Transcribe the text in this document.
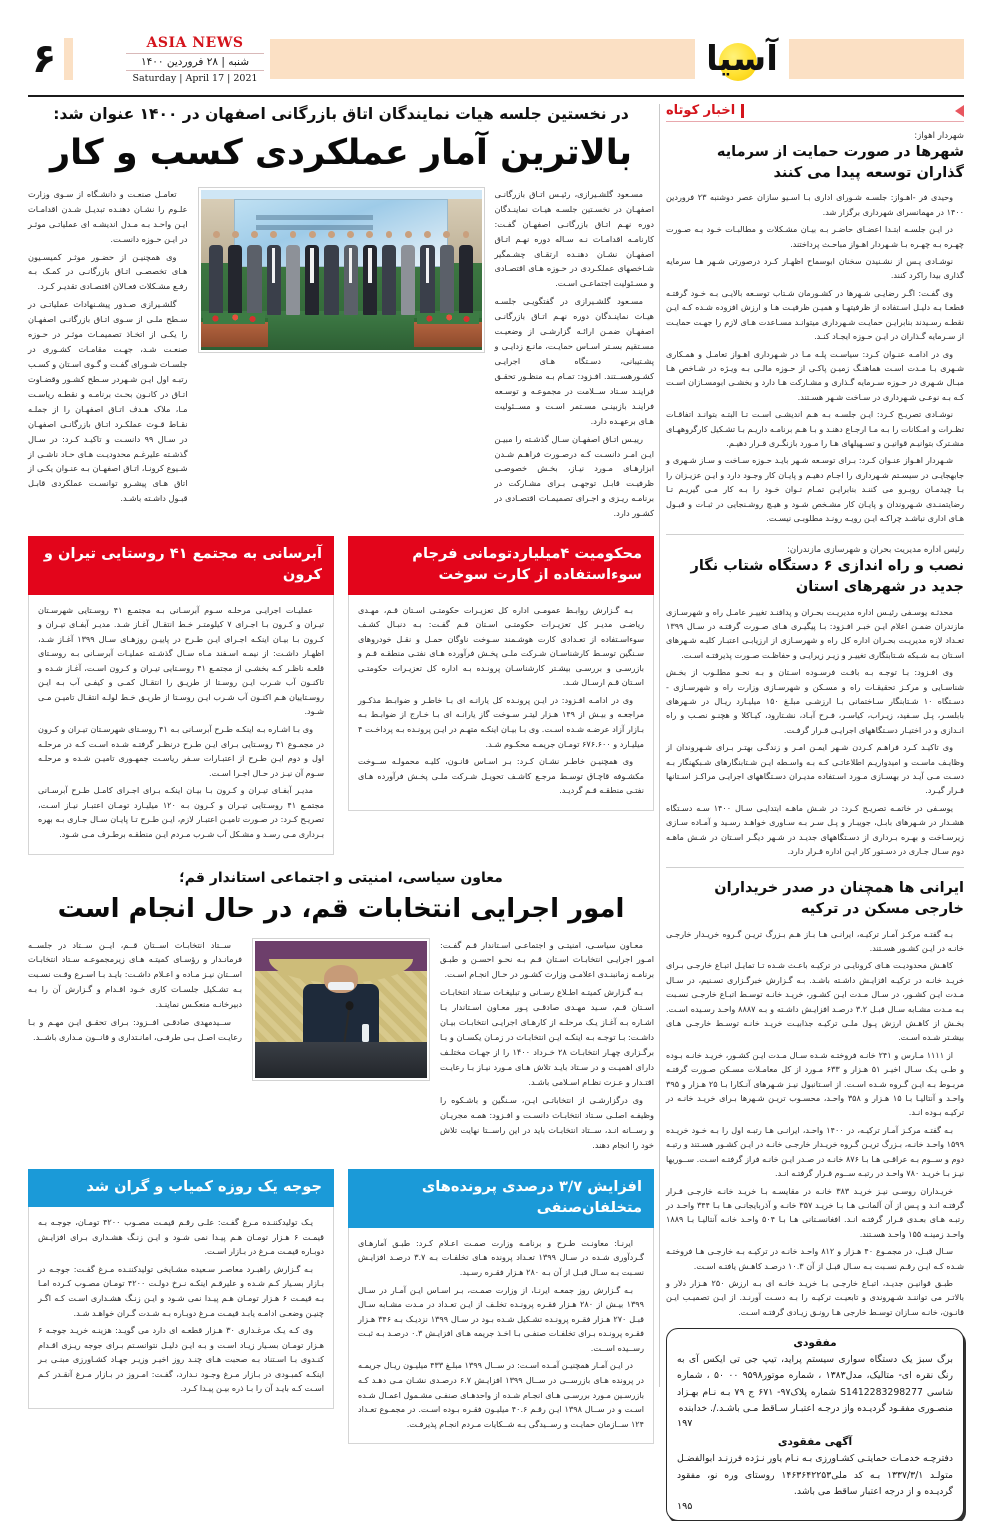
۶	ASIA NEWS
شنبه | ۲۸ فروردین ۱۴۰۰
Saturday | April 17 | 2021	آسیا
اخبار کوتاه
شهردار اهواز:
شهرها در صورت حمایت از سرمایه گذاران توسعه پیدا می کنند

وحیدی فر -اهـواز: جلسـه شـورای اداری بـا اسـیو سازان عصر دوشنبه ۲۳ فروردین ۱۴۰۰ در مهمانسرای شهرداری برگزار شد.

در ایـن جلسـه ابتـدا اعضـای حاضـر بـه بیـان مشـکلات و مطالبـات خـود بـه صـورت چهـره بـه چهـره بـا شـهردار اهـواز مباحـث پرداختند.

نوشـادی پـس از نشـنیدن سخنان ابوسماح اظهـار کـرد درصورتی شـهر هـا سرمایه گذاری بیدا راکرد کنند.

وی گفـت: اگـر رضایـی شـهرها در کشـورمان شـتاب توسـعه بالایـی بـه خـود گرفتـه قطعـا بـه دلیـل اسـتفاده از ظرفیتهـا و همیـن ظرفیـت هـا و ارزش افزوده شـده کـه ایـن نقطـه رسـیدند بنابرایـن حمایـت شـهرداری میتوانـد مسـاعدت هـای لازم را جهـت حمایـت از سـرمایه گـذاران در ایـن حـوزه ایجـاد کنـد.

وی در ادامـه عنـوان کـرد: سیاسـت پلـه مـا در شـهرداری اهـواز تعامـل و همـکاری شـهری بـا مـدت اسـت هماهنـگ زمیـن پاکـی از حـوزه مالـی بـه ویـژه در شـاخص هـا مبـال شـهری در حـوزه سـرمایه گـذاری و مشـارکت هـا دارد و بخشـی ابومسـازان اسـت کـه بـه نوعـی شـهرداری در سـاخت شـهر هسـتند.

نوشـادی تصریـح کـرد: ایـن جلسـه بـه هـم اندیشـی اسـت تـا البتـه بتوانـد اتفاقـات تظـرات و امـکانات را بـه مـا ارجـاع دهنـد و بـا هـم برنامـه داریـم بـا تشـکیل کارگروههـای مشـترک بتوانیـم قوانیـن و تسـهیلهای هـا را مـورد بازنگـری قـرار دهیـم.

شـهردار اهـواز عنـوان کـرد: بـرای توسـعه شـهر بایـد حـوزه سـاخت و سـاز شـهری و جابهجایـی در سیسـتم شـهرداری را اجـام دهیـم و پایـان کار وجـود دارد و ایـن عزیـزان را بـا چیدمـان روبـرو می کننـد بنابرایـن تمـام تـوان خـود را بـه کار مـی گیریـم تـا رضایتمنـدی شـهروندان و پایـان کار مشـخص شـود و هیـچ روشـنجایی در ثبـات و قبـول هـای اداری نباشـد چراکـه ایـن رویـه رونـد مطلوبـی نیسـت.

رئیس اداره مدیریت بحران و شهرسازی مازندران:
نصب و راه اندازی ۶ دستگاه شتاب نگار جدید در شهرهای استان

محدثـه یوسـفی رئیـس اداره مدیریـت بحـران و پدافنـد تغییـر عامـل راه و شهرسـازی مازندران ضمـن اعلام ایـن خبـر افـزود: بـا پیگیـری هـای صـورت گرفتـه در سـال ۱۳۹۹ تعـداد لازه مدیریـت بحـران اداره کل راه و شهرسـازی از ارزیابـی اعتبـار کلیـه شـهرهای اسـتان بـه شـبکه شـتابنگاری تغییـر و زیـر زیرایـی و حفاظـت صـورت پذیرفتـه اسـت.

وی افـزود: بـا توجـه بـه بافـت فرسـوده اسـتان و بـه نحـو مطلـوب از بخـش شناسـایی و مرکـز تحقیقـات راه و مسـکن و شهرسـازی وزارت راه و شهرسـازی - دسـتگاه ۱۰ شـتابنگار سـاختمانی بـا ارزشـی مبلـغ ۱۵۰ میلیـارد ریـال در شـهرهای بابلسـر، پـل سـفید، زیـراب، کیاسـر، فـرح آبـاد، نشـتارود، کیـاکلا و هچنـو نصـب و راه انـدازی و در اختیـار دسـتگاههای اجرایـی قـرار گرفـت.

وی تاکیـد کـرد فراهـم کـردن شـهر ایمـن امـر و زندگـی بهتـر بـرای شـهروندان از وظایـف ماسـت و امیدواریـم اطلاعاتـی کـه بـه واسـطه ایـن شـتابنگارهای شـبکهنگار بـه دسـت مـی آیـد در بهسـازی مـورد اسـتفاده مدیـران دسـتگاههای اجرایـی مراکـز اسـتانها قـرار گیـرد.

یوسـفی در خاتمـه تصریـح کـرد: در شـش ماهـه ابتدایـی سـال ۱۴۰۰ سـه دسـتگاه هشـدار در شـهرهای بابـل، جویبـار و پـل سـر بـه سـاوری خواهـد رسـید و آمـاده سـازی زیرسـاخت و بهـره بـرداری از دسـتگاههای جدیـد در شـهر دیگـر اسـتان در شـش ماهـه دوم سـال جـاری در دسـتور کار ایـن اداره قـرار دارد.

ایرانی ها همچنان در صدر خریداران خارجی مسکن در ترکیه

بـه گفتـه مرکـز آمـار ترکیـه، ایرانـی هـا بـاز هـم بـزرگ تریـن گـروه خریـدار خارجـی خانـه در ایـن کشـور هسـتند.

کاهـش محدودیـت هـای کرونایـی در ترکیـه باعـث شـده تـا تمایـل اتبـاع خارجـی بـرای خریـد خانـه در ترکیـه افزایـش داشـته باشـد. بـه گـزارش خبرگـزاری تسـنیم، در سـال مـدت ایـن کشـور، در سـال مـدت ایـن کشـور، خریـد خانـه توسـط اتبـاع خارجـی نسـبت بـه مـدت مشـابه سـال قبـل ۳.۲ درصـد افزایـش داشـته و بـه ۸۸۸۷ واحـد رسـیده اسـت. بخـش از کاهـش ارزش پـول ملـی ترکیـه جذابیـت خریـد خانـه توسـط خارجـی هـای بیشـتر شـده اسـت.

از ۱۱۱۱ مـارس و ۲۴۱ خانـه فروختـه شـده سـال مـدت ایـن کشـور، خریـد خانـه بـوده و طـی یـک سـال اخیـر ۵۱ هـزار و ۶۳۳ مـورد از کل معامـلات مسـکن صـورت گرفتـه مربـوط بـه ایـن گـروه شـده اسـت. از اسـتانبول نیـز شـهرهای آنـکارا بـا ۲۵ هـزار و ۳۹۵ واحـد و آنتالیـا بـا ۱۵ هـزار و ۳۵۸ واحـد، محسـوب تریـن شـهرها بـرای خریـد خانـه در ترکیـه بـوده انـد.

بـه گفتـه مرکـز آمـار ترکیـه، در ۱۴۰۰ واحـد، ایرانـی هـا رتبـه اول را بـه خـود خریـده ۱۵۹۹ واحـد خانـه، بـزرگ تریـن گـروه خریـدار خارجـی خانـه در ایـن کشـور هسـتند و رتبـه دوم و ســوم بـه عراقـی هـا بـا ۸۷۶ خانـه در صـدر ایـن خانـه فراز گرفتـه اسـت. ســوریها نیـز بـا خریـد ۷۸۰ واحـد در رتبـه ســوم قـرار گرفتـه انـد.

خریـداران روسـی نیـز خریـد ۳۸۳ خانـه در مقایسـه بـا خریـد خانـه خارجـی قـرار گرفتـه انـد و پـس از آن آلمانـی هـا بـا خریـد ۳۵۷ خانـه و آذربایجانـی هـا بـا ۳۴۴ واحـد در رتبـه هـای بعـدی قـرار گرفتـه انـد. افغانسـتانی هـا بـا ۵۰۴ واحـد خانـه آنتالیـا بـا ۱۸۸۹ واحـد زمینـه ۱۵۵ واحـد هسـتند.

سـال قبـل، در مجمـوع ۴۰ هـزار و ۸۱۲ واحـد خانـه در ترکیـه بـه خارجـی هـا فروختـه شـده کـه ایـن رقـم نسـبت بـه سـال قبـل از آن ۱۰.۳ درصـد کاهـش یافتـه اسـت.

طبـق قوانیـن جدیـد، اتبـاع خارجـی بـا خریـد خانـه ای بـه ارزش ۲۵۰ هـزار دلار و بالاتـر می تواننـد شـهروندی و تابعیـت ترکیـه را بـه دسـت آورنـد. از ایـن تصمیـب ایـن قانـون، خانـه سـازان توسـط خارجی هـا رونـق زیـادی گرفتـه اسـت.

مفقودی
برگ سبز یک دستگاه سواری سیستم پراید، تیپ جی تی ایکس آی به رنگ نقره ای- متالیک، مدل۱۳۸۳ ، شماره موتور۹۵۹۸ ۰۰ ۵۰ ، شماره شاسی S1412283298277 شماره پلاک۹۷- ۶۷۱ ج ۷۹ بـه نـام بهـزاد منصـوری مفقـود گردیـده واز درجـه اعتبـار سـاقط مـی باشـد./. خدابنده
۱۹۷
آگهی مفقودی
دفترچـه خدمـات حمایتـی کشـاورزی بـه نـام یاور نـژده فرزنـد ابوالفضـل متولـد ۱۳۳۷/۳/۱ بـه کد ملی۱۴۶۳۶۴۲۲۵۳ روستای وره نو، مفقود گردیـده و از درجه اعتبار ساقط می باشد.
۱۹۵
در نخستین جلسه هیات نمایندگان اتاق بازرگانی اصفهان در ۱۴۰۰ عنوان شد:
بالاترین آمار عملکردی کسب و کار

تعامـل صنعـت و دانشـگاه از سـوی وزارت علـوم را نشـان دهنـده تبدیـل شـدن اقدامـات ایـن واحـد بـه مـدل اندیشـه ای عملیاتـی موثـر در ایـن حـوزه دانسـت.

وی همچنیـن از حضـور موثـر کمیسـیون هـای تخصصـی اتـاق بازرگانـی در کمـک بـه رفـع مشـکلات فعـالان اقتصـادی تقدیـر کـرد.

گلشـیرازی صـدور پیشـنهادات عملیاتـی در سـطح ملـی از سـوی اتـاق بازرگانـی اصفهـان را یکـی از اتخـاذ تصمیمـات موثـر در حـوزه صنعـت شـد، جهـت مقامـات کشـوری در جلسـات شـورای گفـت و گـوی اسـتان و کسـب رتبـه اول ایـن شـهردر سـطح کشـور وقضـاوت اتـاق در کانـون بحـث برنامـه و نقطـه ریاسـت مـا، ملاک هـدف اتـاق اصفهـان را از جملـه نقـاط قـوت عملکـرد اتـاق بازرگانـی اصفهـان در سـال ۹۹ دانسـت و تاکیـد کـرد: در سـال گذشـته علیرغـم محدودیـت هـای حـاد ناشـی از شـیوع کرونـا، اتـاق اصفهـان بـه عنـوان یکـی از اتاق هـای پیشـرو توانسـت عملکردی قابـل قبـول داشـته باشـد.

مسـعود گلشـیرازی، رئیـس اتـاق بازرگانـی اصفهـان در نخسـتین جلسـه هیـات نماینـدگان دوره نهـم اتـاق بازرگانـی اصفهـان گفـت: کارنامـه اقدامـات نـه سـاله دوره نهـم اتـاق اصفهـان نشـان دهنـده ارتقـای چشـمگیر شـاخصهای عملکـردی در حـوزه هـای اقتصـادی و مسـئولیت اجتماعـی اسـت.

مسـعود گلشـیرازی در گفتگویـی جلسـه هیـات نماینـدگان دوره نهـم اتـاق بازرگانـی اصفهـان ضمـن ارائـه گزارشـی از وضعیـت مسـتقیم بسـتر اسـاس حمایـت، مانـع زدایـی و پشـتیبانی، دسـتگاه هـای اجرایـی کشـورهســتند. افـزود: تمـام بـه منظـور تحقـق فراینـد سـتاد ســلامت در مجموعـه و توسـعه فراینـد بازبینـی مسـتمر اسـت و مســئولیت هـای برعهـده دارد.

رییـس اتـاق اصفهـان سـال گذشـته را مبیـن ایـن امـر دانسـت کـه درصـورت فراهـم شـدن ابزارهـای مـورد نیـاز، بخـش خصوصـی ظرفیـت قابـل توجهـی بـرای مشـارکت در برنامـه ریـزی و اجـرای تصمیمـات اقتصـادی در کشـور دارد.

آبرسانی به مجتمع ۴۱ روستایی تیران و کرون

عملیـات اجرایـی مرحلـه سـوم آبرسـانی بـه مجتمـع ۴۱ روسـتایی شهرسـتان تیـران و کـرون بـا اجـرای ۷ کیلومتـر خـط انتقـال آغـاز شـد. مدیـر آبفـای تیـران و کـرون بـا بیـان اینکـه اجـرای ایـن طـرح در پاییـن روزهـای سـال ۱۳۹۹ آغـاز شـد، اظهـار داشـت: از نیمـه اسـفند مـاه سـال گذشـته عملیـات آبرسـانی بـه روسـتای قلعـه ناظـر کـه بخشـی از مجتمـع ۴۱ روسـتایی تیـران و کـرون اسـت، آغـاز شـده و تاکنـون آب شـرب ایـن روسـتا از طریـق را انتقـال کمـی و کیفـی آب بـه ایـن روسـتاییان هـم اکنـون آب شـرب ایـن روسـتا از طریـق خـط لولـه انتقـال تامیـن مـی شـود.

وی بـا اشـاره بـه اینکـه طـرح آبرسـانی بـه ۴۱ روسـتای شهرسـتان تیـران و کـرون در مجمـوع ۴۱ روسـتایی بـرای ایـن طـرح درنظـر گرفتـه شـده اسـت کـه در مرحلـه اول و دوم ایـن طـرح از اعتبـارات سـفر ریاسـت جمهـوری تامیـن شـده و مرحلـه سـوم آن نیـز در حـال اجـرا اسـت.

مدیـر آبفـای تیـران و کـرون بـا بیـان اینکـه بـرای اجـرای کامـل طـرح آبرسـانی مجتمـع ۴۱ روسـتایی تیـران و کـرون بـه ۱۲۰ میلیـارد تومـان اعتبـار نیـاز اسـت، تصریـح کـرد: در صـورت تامیـن اعتبـار لازم، ایـن طـرح تـا پایـان سـال جـاری بـه بهره بـرداری مـی رسـد و مشـکل آب شـرب مـردم ایـن منطقـه برطـرف مـی شـود.

محکومیت ۴میلیاردتومانی فرجام سوءاستفاده از کارت سوخت

بـه گـزارش روابـط عمومـی اداره کل تعزیـرات حکومتـی اسـتان قـم، مهـدی ریاضـی مدیـر کل تعزیـرات حکومتـی اسـتان قـم گفـت: بـه دنبـال کشـف سوءاسـتفاده از تعـدادی کارت هوشـمند سـوخت ناوگان حمـل و نقـل خودروهای سـنگین توسـط کارشناسـان شـرکت ملـی پخـش فرآورده هـای نفتـی منطقـه قـم و بازرسـی و بررسـی بیشـتر کارشناسـان پرونـده بـه اداره کل تعزیـرات حکومتـی اسـتان قـم ارسـال شـد.

وی در ادامـه افـزود: در ایـن پرونـده کل یارانـه ای بـا خاطـر و ضوابـط مذکـور مراجعـه و بیـش از ۱۴۹ هـزار لیتـر سـوخت گاز یارانـه ای بـا خـارج از ضوابـط بـه بـازار آزاد عرضـه شـده اسـت. وی بـا بیـان اینکـه متهـم در ایـن پرونـده بـه پرداخـت ۴ میلیـارد و ۶۷۶.۶۰۰ تومـان جریمـه محکـوم شـد.

وی همچنیـن خاطـر نشـان کـرد: بـر اسـاس قانـون، کلیـه محمولـه ســوخت مکشـوفه قاچـاق توسـط مرجـع کاشـف تحویـل شـرکت ملـی پخـش فرآورده هـای نفتـی منطقـه قـم گردیـد.

معاون سیاسی، امنیتی و اجتماعی استاندار قم؛
امور اجرایی انتخابات قم، در حال انجام است

ســتاد انتخابـات اســتان قــم، ایــن ســتاد در جلســه فرمانـدار و رؤسـای کمیتـه هـای زیرمجموعـه سـتاد انتخابـات اســتان نیـز مـاده و اعـلام داشـت: بایـد بـا اسـرع وقـت نسـبت بـه تشـکیل جلسـات کاری خـود اقـدام و گـزارش آن را بـه دبیرخانـه منعکـس نماینـد.

ســیدمهدی صادقـی افــزود: بـرای تحقـق ایـن مهـم و بـا رعایـت اصـل بـی طرفـی، امانـتداری و قانــون مـداری باشــد.

معـاون سیاسـی، امنیتـی و اجتماعـی اسـتاندار قـم گفـت: امـور اجرایـی انتخابـات اسـتان قـم بـه نحـو احسـن و طبـق برنامـه زمانبنـدی اعلامـی وزارت کشـور در حـال انجـام اسـت.

بـه گـزارش کمیتـه اطـلاع رسـانی و تبلیغـات سـتاد انتخابـات اسـتان قـم، سـید مهـدی صادقـی پـور معـاون اسـتاندار بـا اشـاره بـه آغـاز یـک مرحلـه از کارهـای اجرایـی انتخابـات بیـان داشـت: بـا توجـه بـه اینکـه ایـن انتخابـات در زمـان یکسـان و بـا برگـزاری چهـار انتخابـات ۲۸ خـرداد ۱۴۰۰ را از جهـات مختلـف دارای اهمیـت و در سـتاد بایـد تلاش هـای مـورد نیـاز بـا رعایـت اقتـدار و عـزت نظـام اسـلامی باشـد.

وی درگزارشـی از انتخاباتـی ایـن، سـنگین و باشـکوه را وظیفـه اصلـی سـتاد انتخابـات دانسـت و افـزود: همـه مجریـان و رســانه انـد، ســتاد انتخابـات باید در این راســتا نهایت تلاش خود را انجام دهند.

جوجه یک روزه کمیاب و گران شد

یـک تولیدکننـده مـرغ گفـت: علـی رقـم قیمـت مصـوب ۴۲۰۰ تومـان، جوجـه بـه قیمـت ۶ هـزار تومـان هـم پیـدا نمی شـود و ایـن زنـگ هشـداری بـرای افزایـش دوبـاره قیمـت مـرغ در بـازار اسـت.

بـه گـزارش راهبـرد معاصـر سـعیده مشـایخی تولیدکننـده مـرغ گفـت: جوجـه در بـازار بسـیار کـم شـده و علیرقـم اینکـه نـرخ دولـت ۴۲۰۰ تومـان مصـوب کـرده امـا بـه قیمـت ۶ هـزار تومـان هـم پیـدا نمی شـود و ایـن زنـگ هشـداری اسـت کـه اگـر چنیـن وضعـی ادامـه یابـد قیمـت مـرغ دوبـاره بـه شـدت گـران خواهـد شـد.

وی کـه یـک مرغـداری ۳۰ هـزار قطعـه ای دارد می گویـد: هزینـه خریـد جوجـه ۶ هـزار تومـان بسـیار زیـاد اسـت و بـه ایـن دلیـل نتوانسـتم بـرای جوجه ریـزی اقـدام کنـدوی بـا اسـتناد بـه صحبت هـای چنـد روز اخیـر وزیـر جهـاد کشـاورزی مبنـی بـر اینکـه کمبـودی در بـازار مـرغ وجـود نـدارد، گفـت: امـروز در بـازار مـرغ آنقـدر کـم اسـت کـه بایـد آن را بـا ذره بیـن پیـدا کـرد.

افزایش ۳/۷ درصدی پرونده‌های متخلفان‌صنفی

ایرنـا: معاونـت طـرح و برنامـه وزارت صمـت اعـلام کـرد: طبـق آمارهـای گـردآوری شـده در سـال ۱۳۹۹ تعـداد پرونده هـای تخلفـات بـه ۳.۷ درصـد افزایـش نسـبت بـه سـال قبـل از آن بـه ۲۸۰ هـزار فقـره رسـید.

بـه گـزارش روز جمعـه ایرنـا، از وزارت صمـت، بـر اسـاس ایـن آمـار در سـال ۱۳۹۹ بیـش از ۲۸۰ هـزار فقـره پرونـده تخلـف از ایـن تعـداد در مـدت مشـابه سـال قبـل ۲۷۰ هـزار فقـره پرونـده تشـکیل شـده بـود در سـال ۱۳۹۹ نزدیـک بـه ۳۴۶ هـزار فقـره پرونـده بـرای تخلفـات صنفـی بـا اخـذ جریمه هـای افزایـش ۰.۳ درصـد بـه ثبـت رســیده اســت.

در ایـن آمـار همچنیـن آمـده اسـت: در ســال ۱۳۹۹ مبلـغ ۴۳۳ میلیـون ریـال جریمـه در پرونده هـای بازرســی در ســال ۱۳۹۹ افزایـش ۶.۷ درصـدی نشـان مـی دهـد کـه بازرسـین مـورد بررسـی هـای انجـام شـده از واحدهـای صنفـی مشـمول اعمـال شـده اسـت و در ســال ۱۳۹۸ ایـن رقـم ۴۰.۶ میلیـون فقـره بـوده اسـت. در مجمـوع تعـداد ۱۲۴ ســازمان حمایـت و رســیدگی بـه شــکایات مـردم انجـام پذیرفـت.
